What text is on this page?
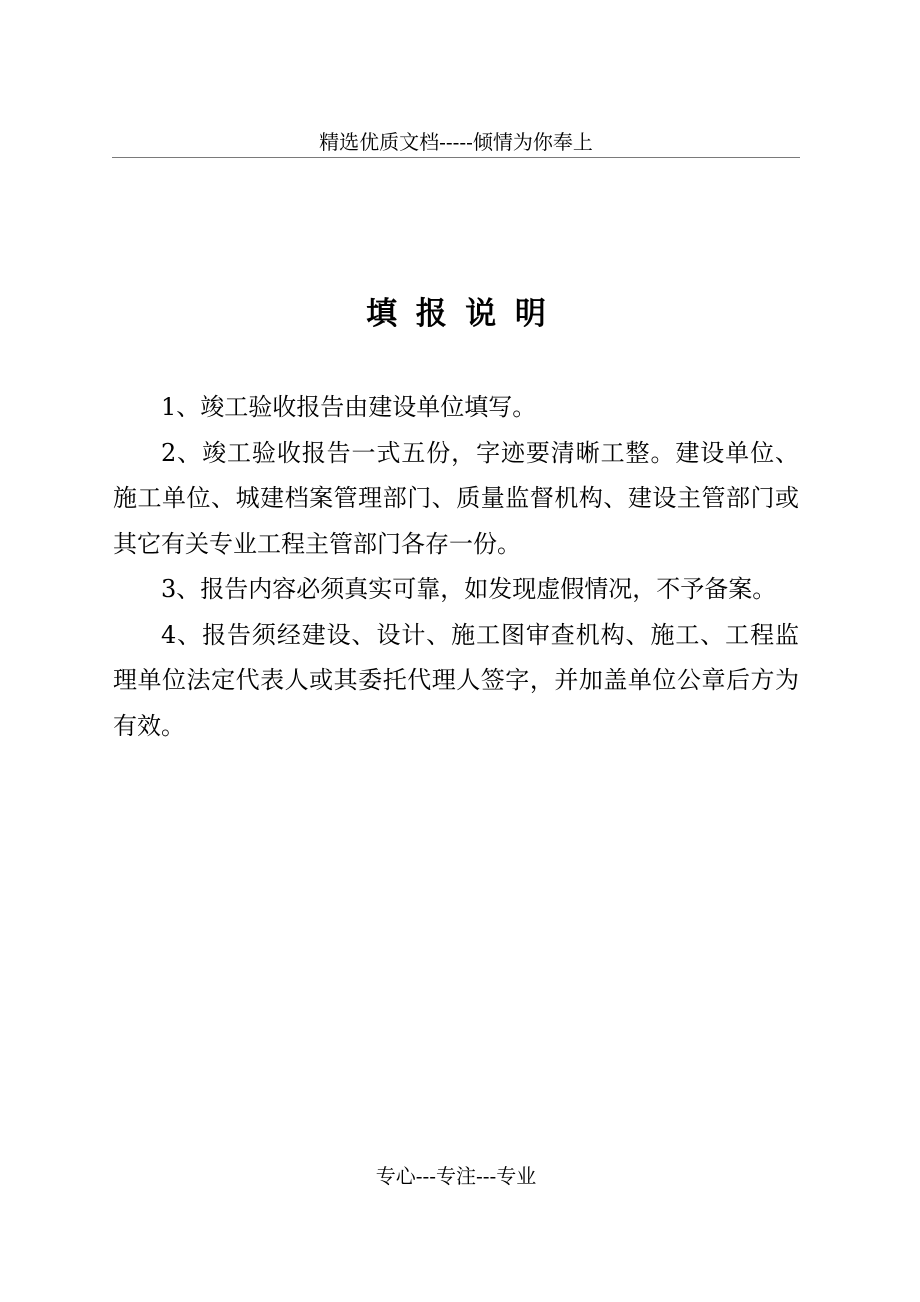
精选优质文档-----倾情为你奉上
填报说明

1、竣工验收报告由建设单位填写。

2、竣工验收报告一式五份，字迹要清晰工整。建设单位、施工单位、城建档案管理部门、质量监督机构、建设主管部门或其它有关专业工程主管部门各存一份。

3、报告内容必须真实可靠，如发现虚假情况，不予备案。

4、报告须经建设、设计、施工图审查机构、施工、工程监理单位法定代表人或其委托代理人签字，并加盖单位公章后方为有效。

专心---专注---专业
